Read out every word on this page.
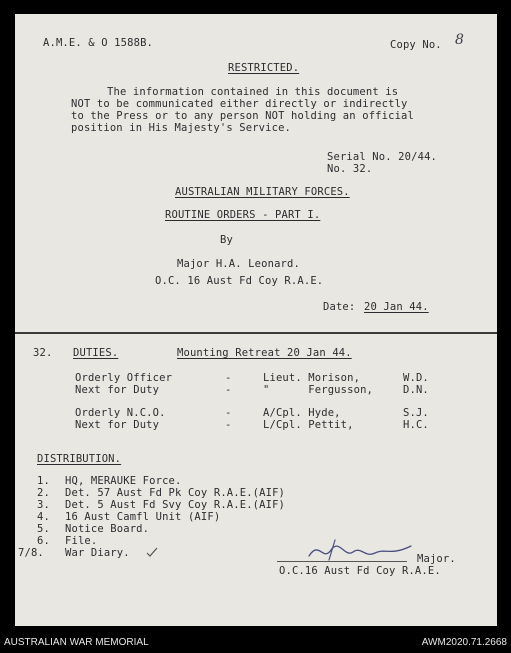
A.M.E. & O 1588B.	Copy No. 8
RESTRICTED.
The information contained in this document is
NOT to be communicated either directly or indirectly
to the Press or to any person NOT holding an official
position in His Majesty's Service.
Serial No. 20/44.
No. 32.
AUSTRALIAN MILITARY FORCES.
ROUTINE ORDERS - PART I.
By
Major H.A. Leonard.
O.C. 16 Aust Fd Coy R.A.E.
Date: 20 Jan 44.
32. DUTIES.	Mounting Retreat 20 Jan 44.
Orderly Officer	-	Lieut. Morison,	W.D.
Next for Duty	-	"      Fergusson,	D.N.
Orderly N.C.O.	-	A/Cpl. Hyde,	S.J.
Next for Duty	-	L/Cpl. Pettit,	H.C.
DISTRIBUTION.
1. HQ, MERAUKE Force.
2. Det. 57 Aust Fd Pk Coy R.A.E.(AIF)
3. Det. 5 Aust Fd Svy Coy R.A.E.(AIF)
4. 16 Aust Camfl Unit (AIF)
5. Notice Board.
6. File.
7/8. War Diary.	Major.
O.C.16 Aust Fd Coy R.A.E.
AUSTRALIAN WAR MEMORIAL	AWM2020.71.2668
